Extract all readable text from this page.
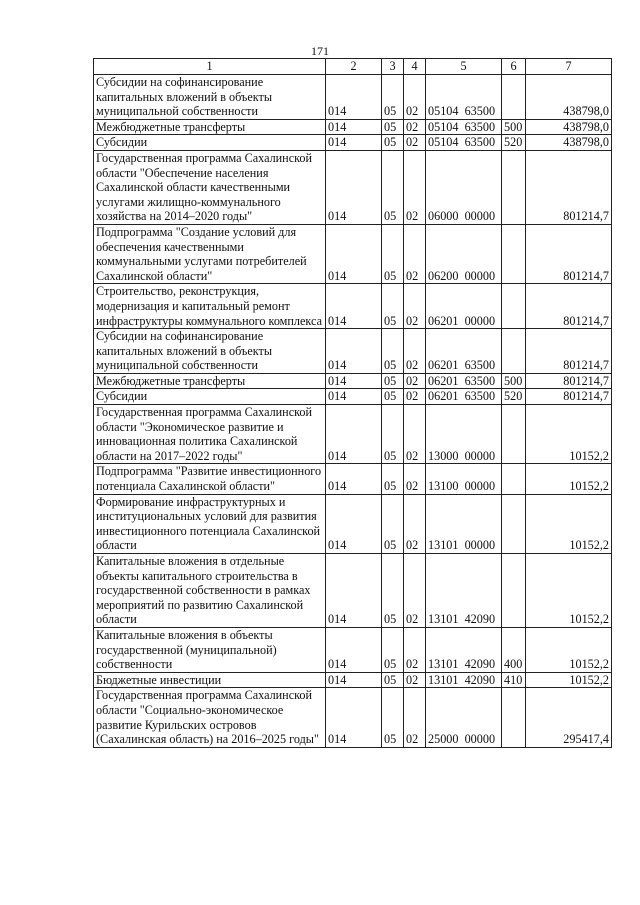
171
1	2	3	4	5	6	7
Субсидии на софинансирование капитальных вложений в объекты муниципальной собственности	014	05	02	05104  63500		438798,0
Межбюджетные трансферты	014	05	02	05104  63500	500	438798,0
Субсидии	014	05	02	05104  63500	520	438798,0
Государственная программа Сахалинской области "Обеспечение населения Сахалинской области качественными услугами жилищно-коммунального хозяйства на 2014–2020 годы"	014	05	02	06000  00000		801214,7
Подпрограмма "Создание условий для обеспечения качественными коммунальными услугами потребителей Сахалинской области"	014	05	02	06200  00000		801214,7
Строительство, реконструкция, модернизация и капитальный ремонт инфраструктуры коммунального комплекса	014	05	02	06201  00000		801214,7
Субсидии на софинансирование капитальных вложений в объекты муниципальной собственности	014	05	02	06201  63500		801214,7
Межбюджетные трансферты	014	05	02	06201  63500	500	801214,7
Субсидии	014	05	02	06201  63500	520	801214,7
Государственная программа Сахалинской области "Экономическое развитие и инновационная политика Сахалинской области на 2017–2022 годы"	014	05	02	13000  00000		10152,2
Подпрограмма "Развитие инвестиционного потенциала Сахалинской области"	014	05	02	13100  00000		10152,2
Формирование инфраструктурных и институциональных условий для развития инвестиционного потенциала Сахалинской области	014	05	02	13101  00000		10152,2
Капитальные вложения в отдельные объекты капитального строительства в государственной собственности в рамках мероприятий по развитию Сахалинской области	014	05	02	13101  42090		10152,2
Капитальные вложения в объекты государственной (муниципальной) собственности	014	05	02	13101  42090	400	10152,2
Бюджетные инвестиции	014	05	02	13101  42090	410	10152,2
Государственная программа Сахалинской области "Социально-экономическое развитие Курильских островов (Сахалинская область) на 2016–2025 годы"	014	05	02	25000  00000		295417,4
